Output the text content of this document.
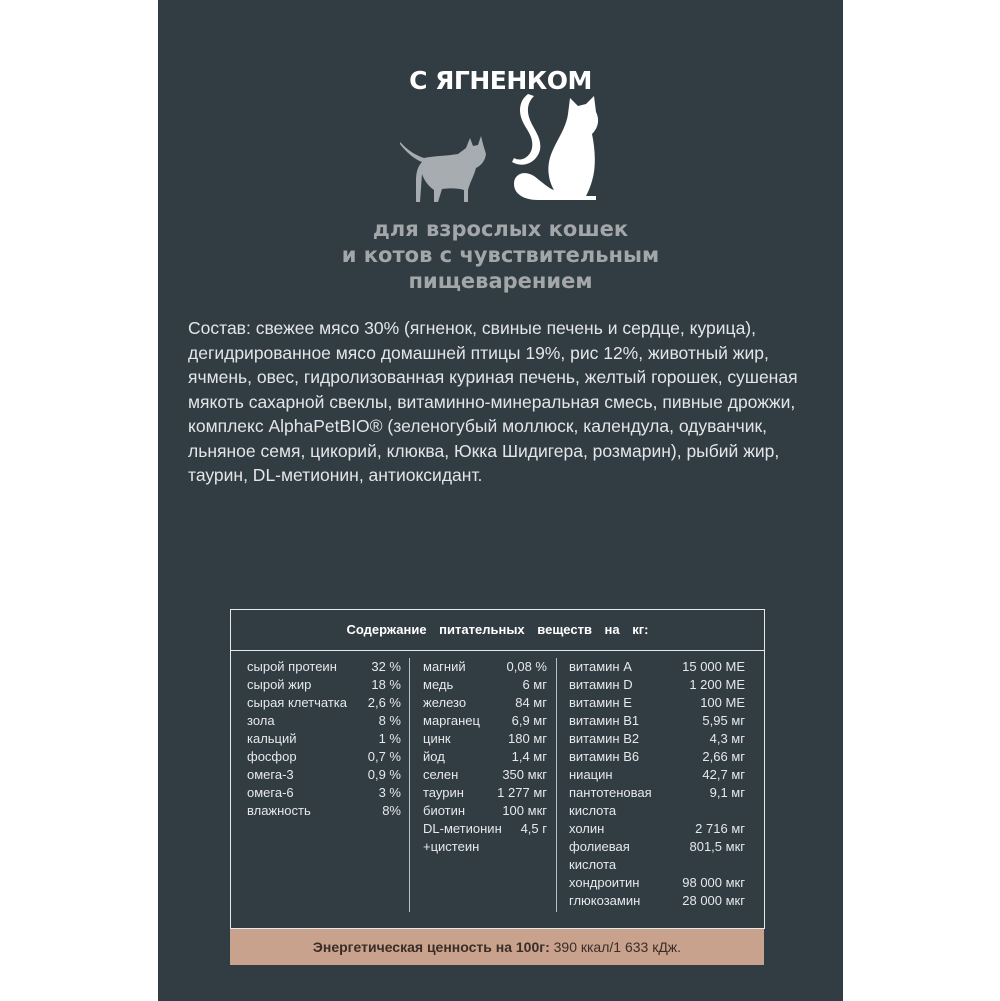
С ЯГНЕНКОМ
для взрослых кошек
и котов с чувствительным
пищеварением
Состав: свежее мясо 30% (ягненок, свиные печень и сердце, курица),
дегидрированное мясо домашней птицы 19%, рис 12%, животный жир,
ячмень, овес, гидролизованная куриная печень, желтый горошек, сушеная
мякоть сахарной свеклы, витаминно-минеральная смесь, пивные дрожжи,
комплекс AlphaPetBIO® (зеленогубый моллюск, календула, одуванчик,
льняное семя, цикорий, клюква, Юкка Шидигера, розмарин), рыбий жир,
таурин, DL-метионин, антиоксидант.
Содержание питательных веществ на кг:
сырой протеин	32 %
сырой жир	18 %
сырая клетчатка 2,6 %
зола	8 %
кальций	1 %
фосфор	0,7 %
омега-3	0,9 %
омега-6	3 %
влажность	8%
магний	0,08 %
медь	6 мг
железо	84 мг
марганец 6,9 мг
цинк	180 мг
йод	1,4 мг
селен	350 мкг
таурин	1 277 мг
биотин	100 мкг
DL-метионин 4,5 г
+цистеин
витамин А	15 000 МЕ
витамин D	1 200 МЕ
витамин Е	100 МЕ
витамин В1	5,95 мг
витамин В2	4,3 мг
витамин В6	2,66 мг
ниацин	42,7 мг
пантотеновая	9,1 мг
кислота
холин	2 716 мг
фолиевая	801,5 мкг
кислота
хондроитин	98 000 мкг
глюкозамин	28 000 мкг
Энергетическая ценность на 100г: 390 ккал/1 633 кДж.
